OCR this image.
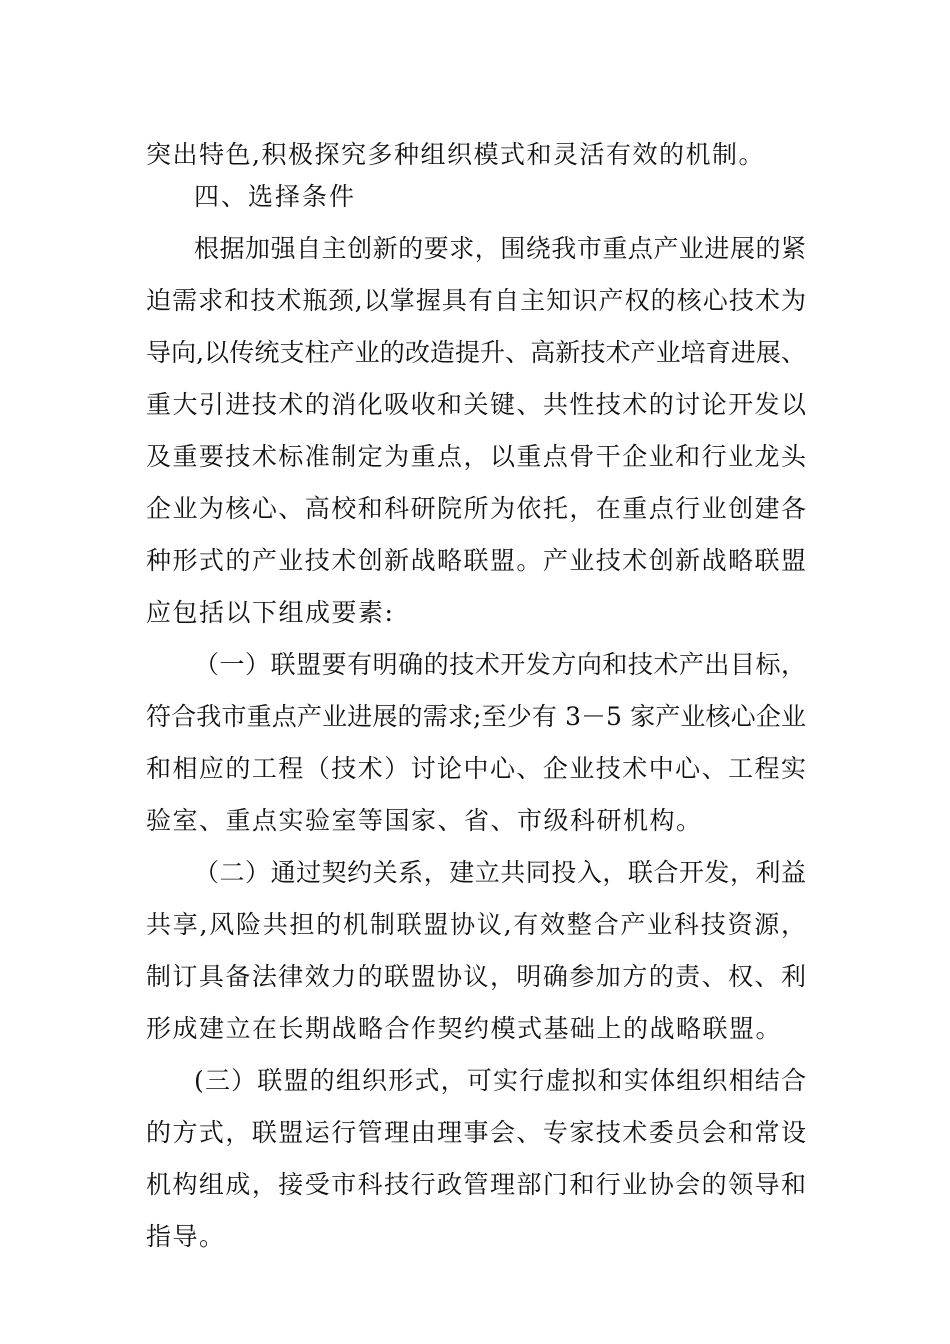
突出特色,积极探究多种组织模式和灵活有效的机制。
四、选择条件
根据加强自主创新的要求，围绕我市重点产业进展的紧
迫需求和技术瓶颈,以掌握具有自主知识产权的核心技术为
导向,以传统支柱产业的改造提升、高新技术产业培育进展、
重大引进技术的消化吸收和关键、共性技术的讨论开发以
及重要技术标准制定为重点，以重点骨干企业和行业龙头
企业为核心、高校和科研院所为依托，在重点行业创建各
种形式的产业技术创新战略联盟。产业技术创新战略联盟
应包括以下组成要素:
（一）联盟要有明确的技术开发方向和技术产出目标，
符合我市重点产业进展的需求;至少有 3－5 家产业核心企业
和相应的工程（技术）讨论中心、企业技术中心、工程实
验室、重点实验室等国家、省、市级科研机构。
（二）通过契约关系，建立共同投入，联合开发，利益
共享,风险共担的机制联盟协议,有效整合产业科技资源，
制订具备法律效力的联盟协议，明确参加方的责、权、利
形成建立在长期战略合作契约模式基础上的战略联盟。
(三）联盟的组织形式，可实行虚拟和实体组织相结合
的方式，联盟运行管理由理事会、专家技术委员会和常设
机构组成，接受市科技行政管理部门和行业协会的领导和
指导。
